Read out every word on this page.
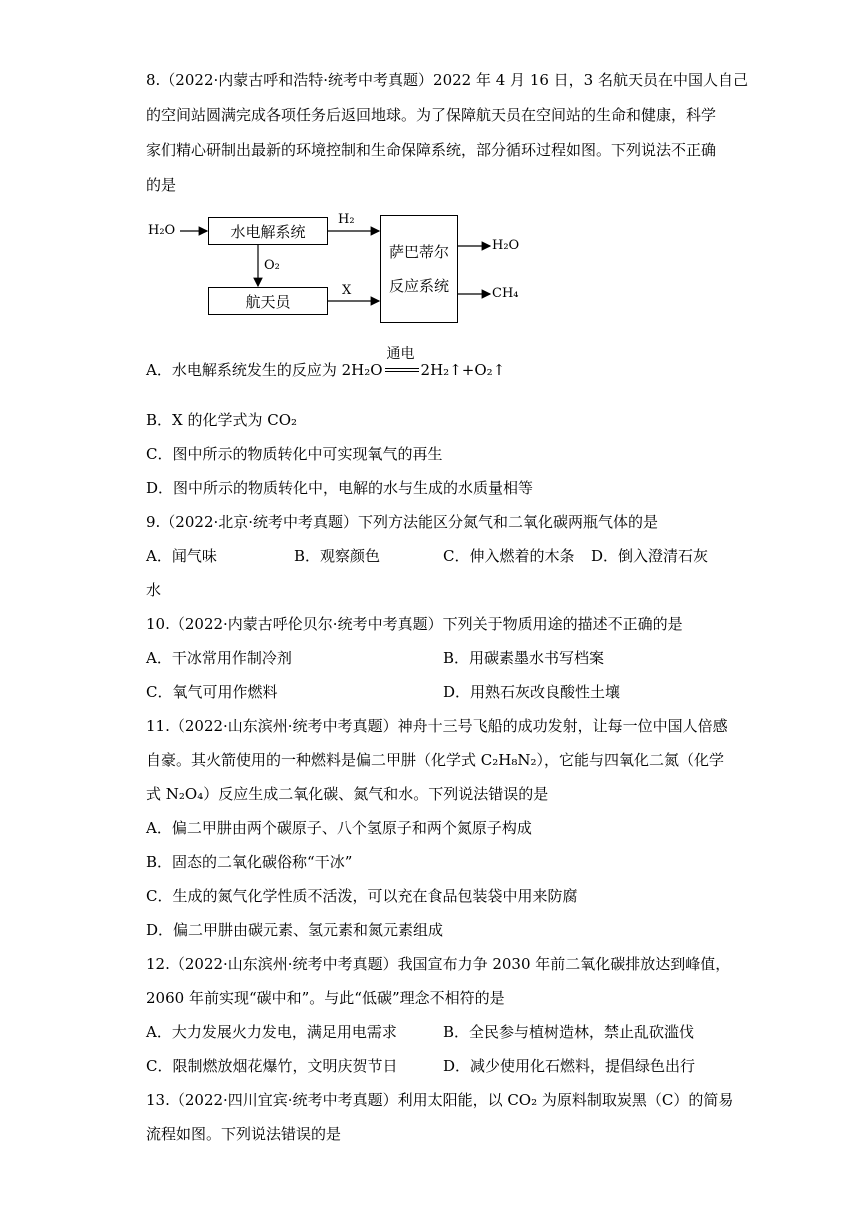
8.（2022·内蒙古呼和浩特·统考中考真题）2022 年 4 月 16 日，3 名航天员在中国人自己
的空间站圆满完成各项任务后返回地球。为了保障航天员在空间站的生命和健康，科学
家们精心研制出最新的环境控制和生命保障系统，部分循环过程如图。下列说法不正确
的是
H₂O	水电解系统
航天员
萨巴蒂尔
反应系统
H₂
O₂
X
H₂O
CH₄
A．水电解系统发生的反应为 2H₂O
通电
2H₂↑+O₂↑
B．X 的化学式为 CO₂
C．图中所示的物质转化中可实现氧气的再生
D．图中所示的物质转化中，电解的水与生成的水质量相等
9.（2022·北京·统考中考真题）下列方法能区分氮气和二氧化碳两瓶气体的是
A．闻气味	B．观察颜色	C．伸入燃着的木条 D．倒入澄清石灰
水
10.（2022·内蒙古呼伦贝尔·统考中考真题）下列关于物质用途的描述不正确的是
A．干冰常用作制冷剂	B．用碳素墨水书写档案
C．氧气可用作燃料	D．用熟石灰改良酸性土壤
11.（2022·山东滨州·统考中考真题）神舟十三号飞船的成功发射，让每一位中国人倍感
自豪。其火箭使用的一种燃料是偏二甲肼（化学式 C₂H₈N₂），它能与四氧化二氮（化学
式 N₂O₄）反应生成二氧化碳、氮气和水。下列说法错误的是
A．偏二甲肼由两个碳原子、八个氢原子和两个氮原子构成
B．固态的二氧化碳俗称“干冰”
C．生成的氮气化学性质不活泼，可以充在食品包装袋中用来防腐
D．偏二甲肼由碳元素、氢元素和氮元素组成
12.（2022·山东滨州·统考中考真题）我国宣布力争 2030 年前二氧化碳排放达到峰值，
2060 年前实现“碳中和”。与此“低碳”理念不相符的是
A．大力发展火力发电，满足用电需求	B．全民参与植树造林，禁止乱砍滥伐
C．限制燃放烟花爆竹，文明庆贺节日	D．减少使用化石燃料，提倡绿色出行
13.（2022·四川宜宾·统考中考真题）利用太阳能，以 CO₂ 为原料制取炭黑（C）的简易
流程如图。下列说法错误的是
